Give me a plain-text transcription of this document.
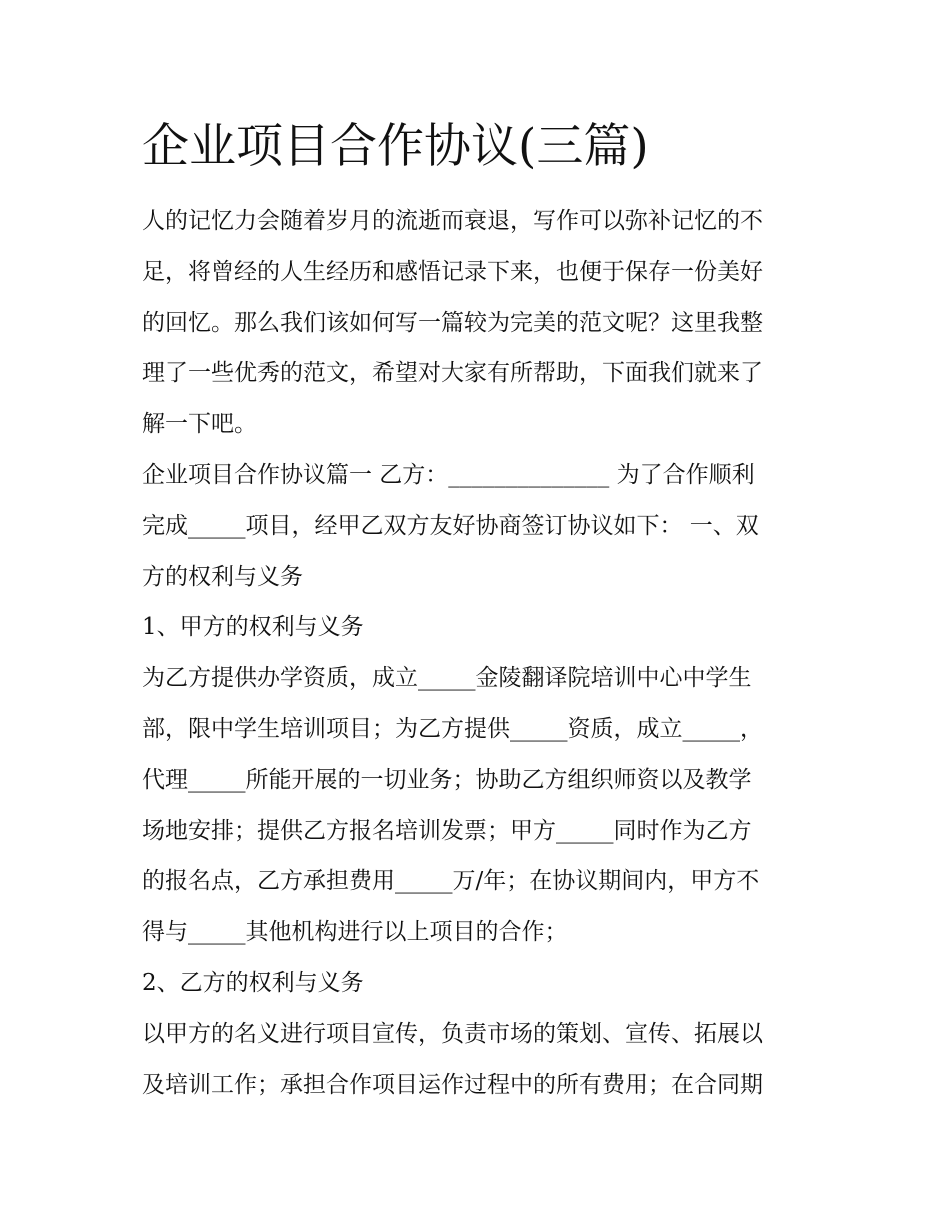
企业项目合作协议(三篇)

人的记忆力会随着岁月的流逝而衰退，写作可以弥补记忆的不

足，将曾经的人生经历和感悟记录下来，也便于保存一份美好

的回忆。那么我们该如何写一篇较为完美的范文呢？这里我整

理了一些优秀的范文，希望对大家有所帮助，下面我们就来了

解一下吧。

企业项目合作协议篇一 乙方：______________ 为了合作顺利

完成_____项目，经甲乙双方友好协商签订协议如下： 一、双

方的权利与义务

1、甲方的权利与义务

为乙方提供办学资质，成立_____金陵翻译院培训中心中学生

部，限中学生培训项目；为乙方提供_____资质，成立_____，

代理_____所能开展的一切业务；协助乙方组织师资以及教学

场地安排；提供乙方报名培训发票；甲方_____同时作为乙方

的报名点，乙方承担费用_____万/年；在协议期间内，甲方不

得与_____其他机构进行以上项目的合作；

2、乙方的权利与义务

以甲方的名义进行项目宣传，负责市场的策划、宣传、拓展以

及培训工作；承担合作项目运作过程中的所有费用；在合同期
